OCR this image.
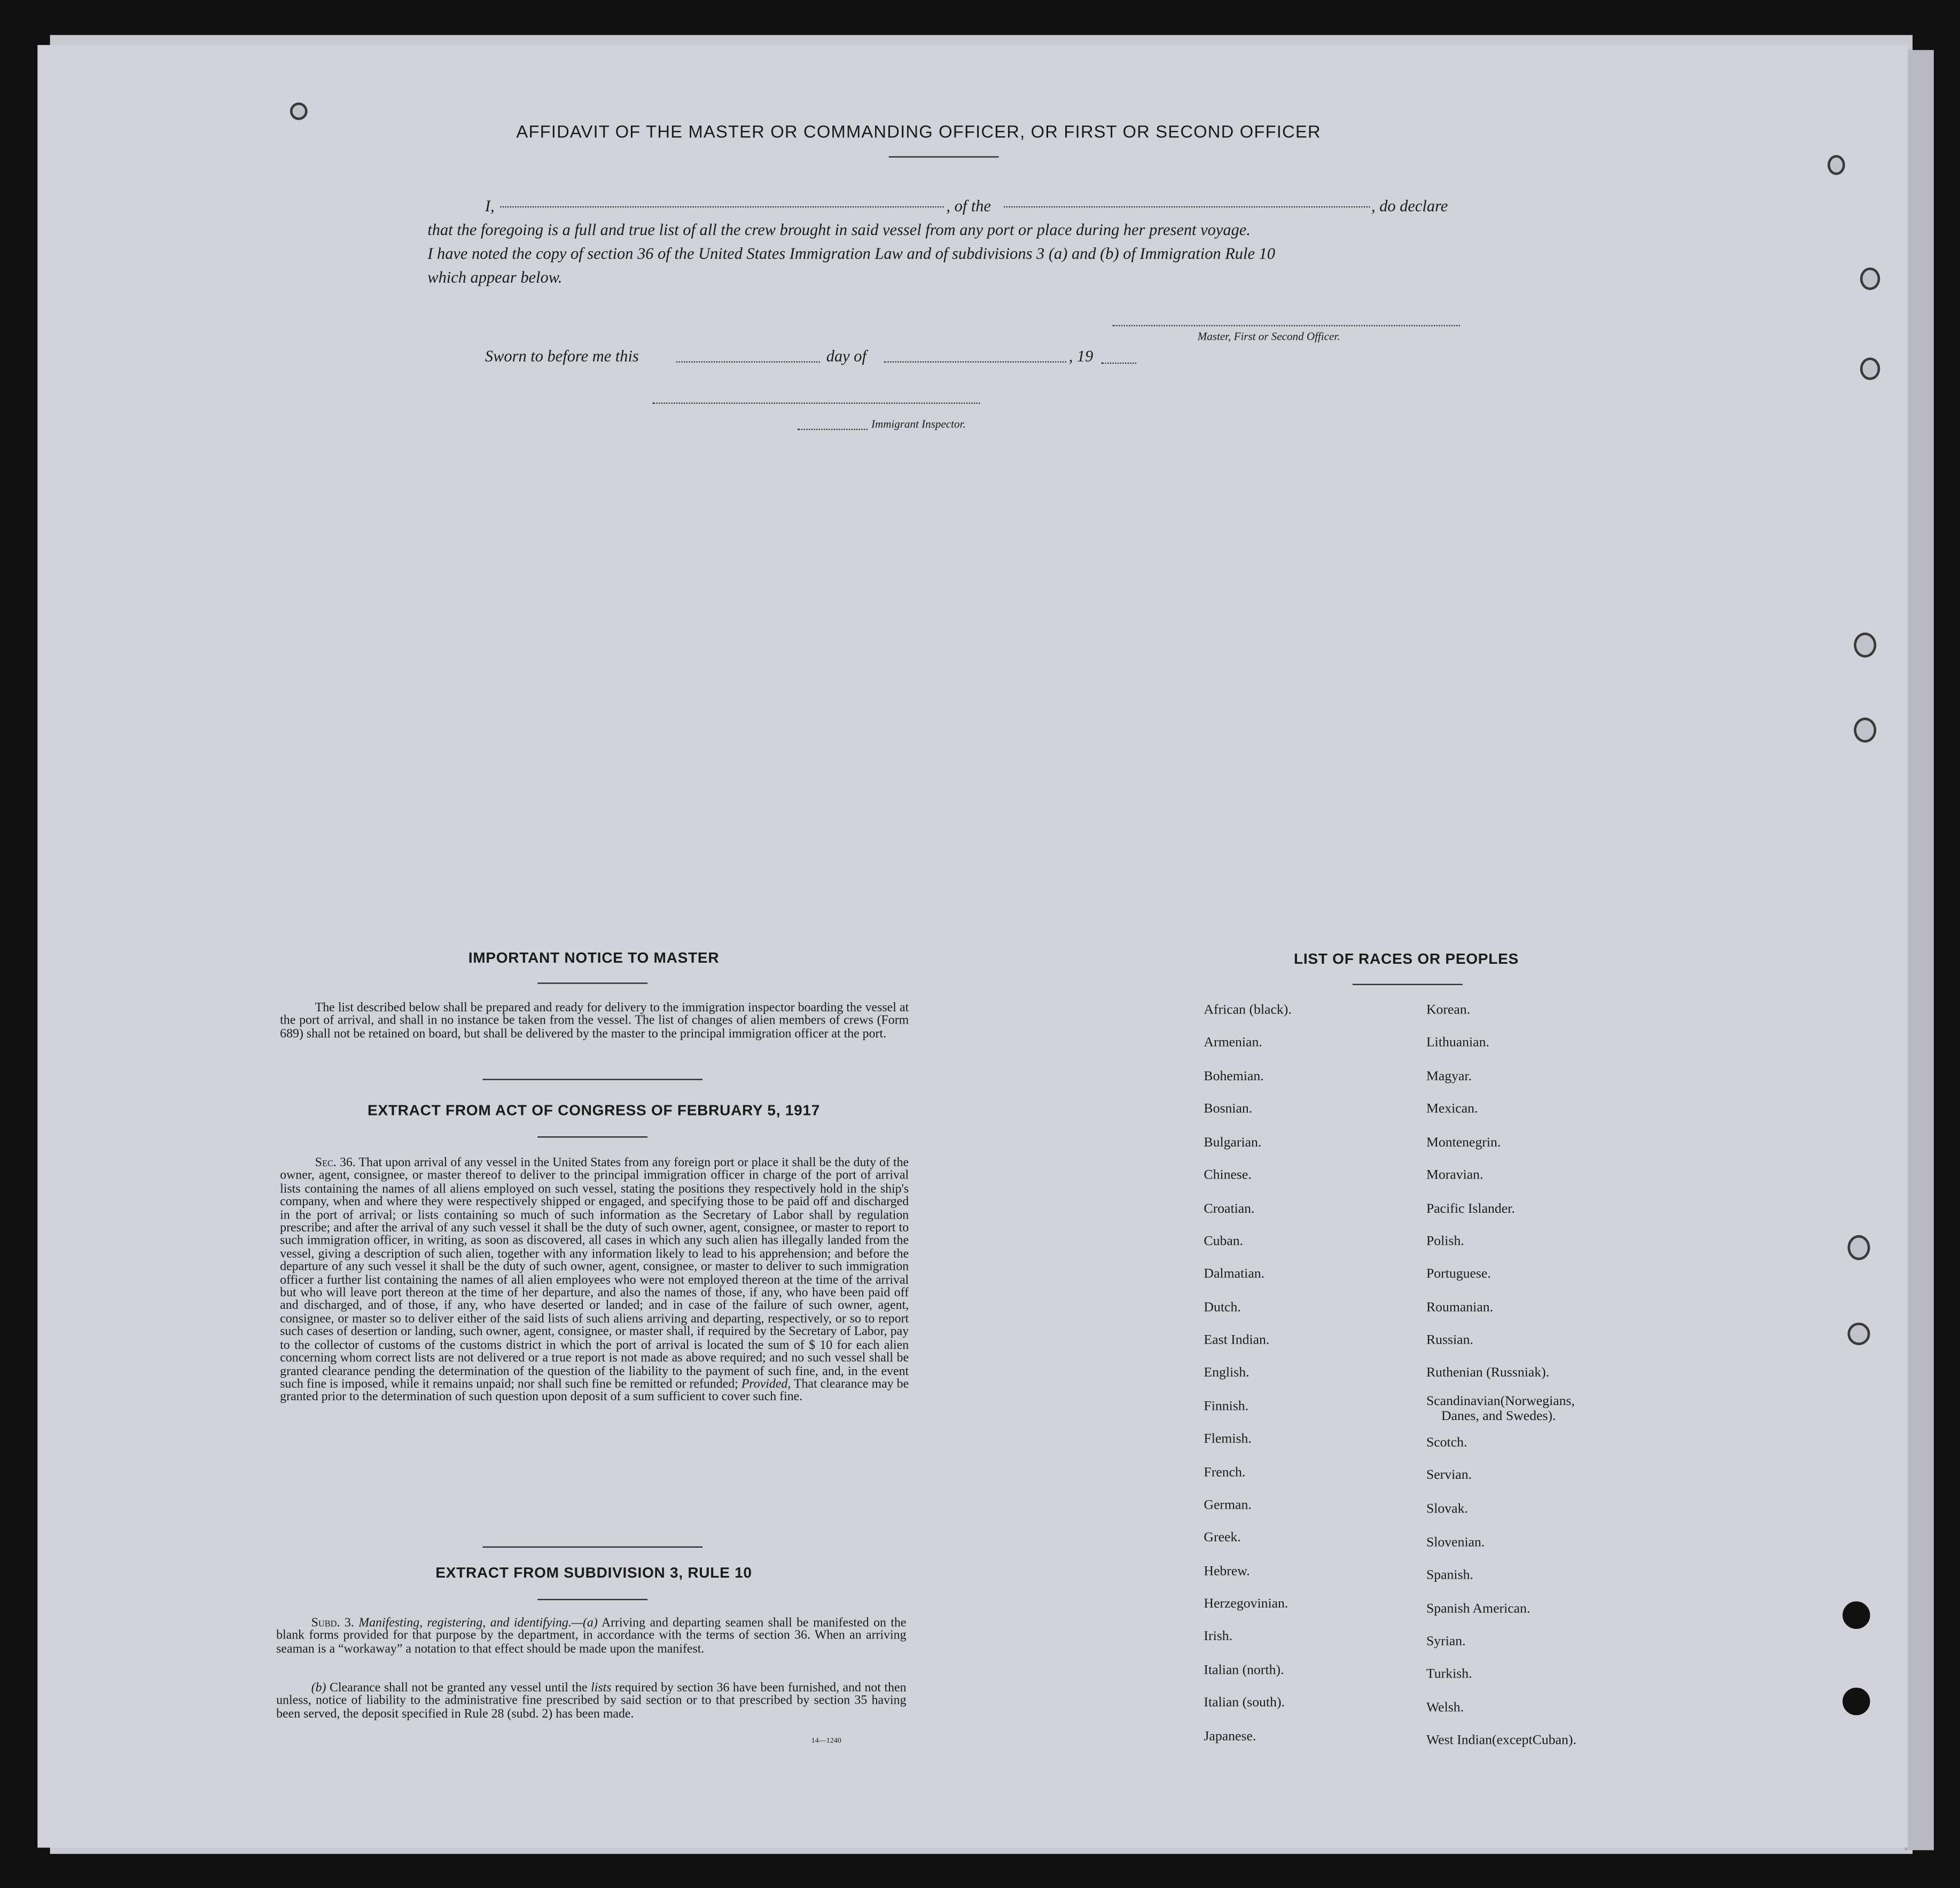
AFFIDAVIT OF THE MASTER OR COMMANDING OFFICER, OR FIRST OR SECOND OFFICER
I,	, of the	, do declare
that the foregoing is a full and true list of all the crew brought in said vessel from any port or place during her present voyage.
I have noted the copy of section 36 of the United States Immigration Law and of subdivisions 3 (a) and (b) of Immigration Rule 10
which appear below.
Master, First or Second Officer.
Sworn to before me this	day of	, 19
Immigrant Inspector.
IMPORTANT NOTICE TO MASTER
The list described below shall be prepared and ready for delivery to the immigration inspector boarding the vessel at the port of arrival, and shall in no instance be taken from the vessel. The list of changes of alien members of crews (Form 689) shall not be retained on board, but shall be delivered by the master to the principal immigration officer at the port.
EXTRACT FROM ACT OF CONGRESS OF FEBRUARY 5, 1917
Sec. 36. That upon arrival of any vessel in the United States from any foreign port or place it shall be the duty of the owner, agent, consignee, or master thereof to deliver to the principal immigration officer in charge of the port of arrival lists containing the names of all aliens employed on such vessel, stating the positions they respectively hold in the ship's company, when and where they were respectively shipped or engaged, and specifying those to be paid off and discharged in the port of arrival; or lists containing so much of such information as the Secretary of Labor shall by regulation prescribe; and after the arrival of any such vessel it shall be the duty of such owner, agent, consignee, or master to report to such immigration officer, in writing, as soon as discovered, all cases in which any such alien has illegally landed from the vessel, giving a description of such alien, together with any information likely to lead to his apprehension; and before the departure of any such vessel it shall be the duty of such owner, agent, consignee, or master to deliver to such immigration officer a further list containing the names of all alien employees who were not employed thereon at the time of the arrival but who will leave port thereon at the time of her departure, and also the names of those, if any, who have been paid off and discharged, and of those, if any, who have deserted or landed; and in case of the failure of such owner, agent, consignee, or master so to deliver either of the said lists of such aliens arriving and departing, respectively, or so to report such cases of desertion or landing, such owner, agent, consignee, or master shall, if required by the Secretary of Labor, pay to the collector of customs of the customs district in which the port of arrival is located the sum of $ 10 for each alien concerning whom correct lists are not delivered or a true report is not made as above required; and no such vessel shall be granted clearance pending the determination of the question of the liability to the payment of such fine, and, in the event such fine is imposed, while it remains unpaid; nor shall such fine be remitted or refunded; Provided, That clearance may be granted prior to the determination of such question upon deposit of a sum sufficient to cover such fine.
EXTRACT FROM SUBDIVISION 3, RULE 10
Subd. 3. Manifesting, registering, and identifying.—(a) Arriving and departing seamen shall be manifested on the blank forms provided for that purpose by the department, in accordance with the terms of section 36. When an arriving seaman is a “workaway” a notation to that effect should be made upon the manifest.
(b) Clearance shall not be granted any vessel until the lists required by section 36 have been furnished, and not then unless, notice of liability to the administrative fine prescribed by said section or to that prescribed by section 35 having been served, the deposit specified in Rule 28 (subd. 2) has been made.
14—1240
LIST OF RACES OR PEOPLES
African (black).
Armenian.
Bohemian.
Bosnian.
Bulgarian.
Chinese.
Croatian.
Cuban.
Dalmatian.
Dutch.
East Indian.
English.
Finnish.
Flemish.
French.
German.
Greek.
Hebrew.
Herzegovinian.
Irish.
Italian (north).
Italian (south).
Japanese.
Korean.
Lithuanian.
Magyar.
Mexican.
Montenegrin.
Moravian.
Pacific Islander.
Polish.
Portuguese.
Roumanian.
Russian.
Ruthenian (Russniak).
Scandinavian(Norwegians,
Danes, and Swedes).
Scotch.
Servian.
Slovak.
Slovenian.
Spanish.
Spanish American.
Syrian.
Turkish.
Welsh.
West Indian(exceptCuban).
